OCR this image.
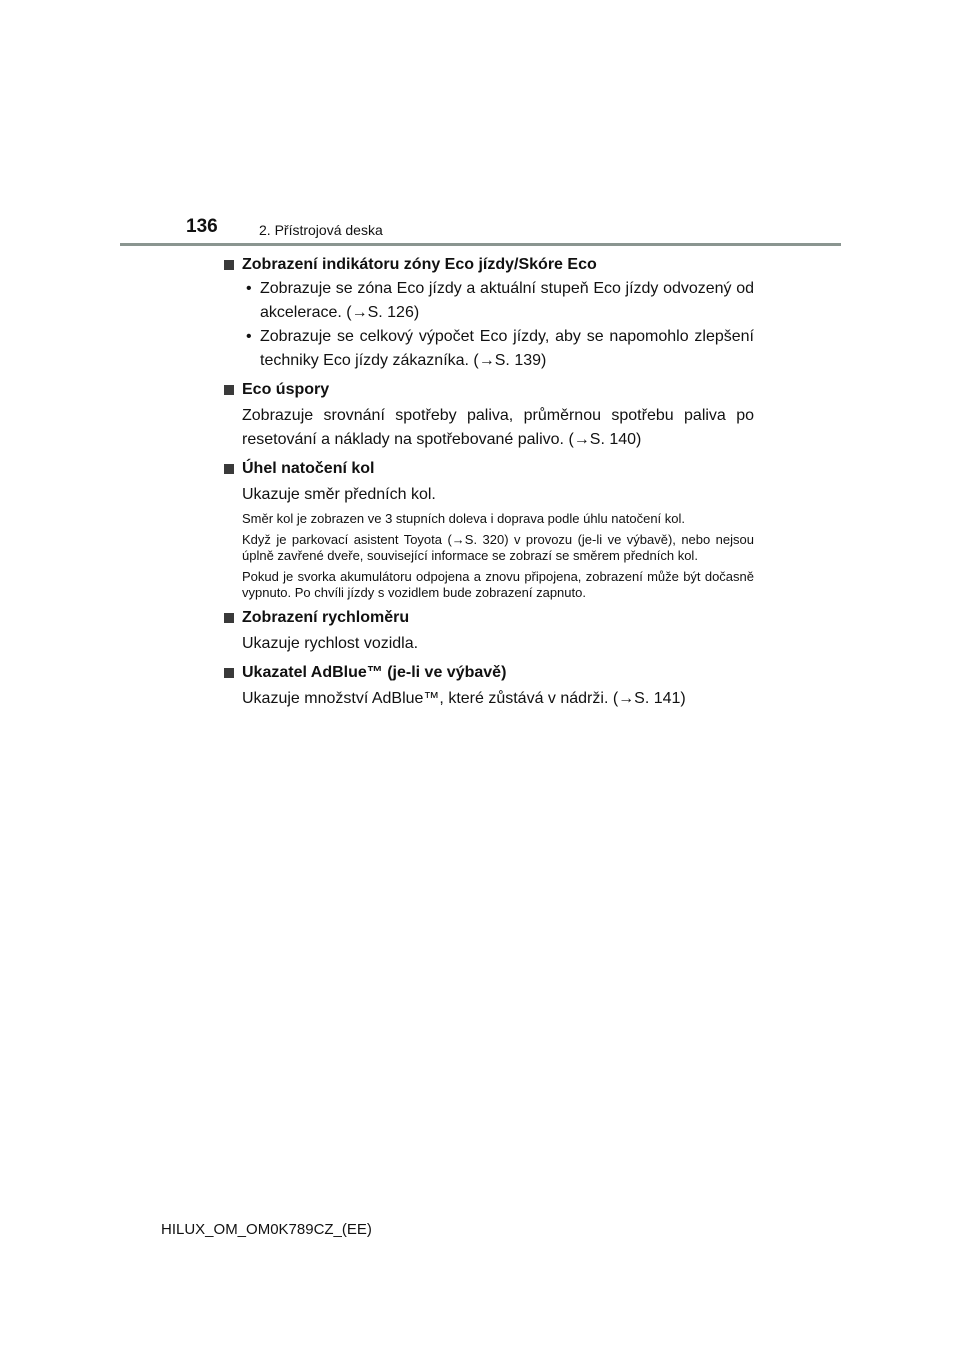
136	2. Přístrojová deska
Zobrazení indikátoru zóny Eco jízdy/Skóre Eco
• Zobrazuje se zóna Eco jízdy a aktuální stupeň Eco jízdy odvozený od akcelerace. (→S. 126)
• Zobrazuje se celkový výpočet Eco jízdy, aby se napomohlo zlepšení techniky Eco jízdy zákazníka. (→S. 139)
Eco úspory

Zobrazuje srovnání spotřeby paliva, průměrnou spotřebu paliva po resetování a náklady na spotřebované palivo. (→S. 140)

Úhel natočení kol

Ukazuje směr předních kol.

Směr kol je zobrazen ve 3 stupních doleva i doprava podle úhlu natočení kol.

Když je parkovací asistent Toyota (→S. 320) v provozu (je-li ve výbavě), nebo nejsou úplně zavřené dveře, související informace se zobrazí se směrem předních kol.

Pokud je svorka akumulátoru odpojena a znovu připojena, zobrazení může být dočasně vypnuto. Po chvíli jízdy s vozidlem bude zobrazení zapnuto.

Zobrazení rychloměru

Ukazuje rychlost vozidla.

Ukazatel AdBlue™ (je-li ve výbavě)

Ukazuje množství AdBlue™, které zůstává v nádrži. (→S. 141)

HILUX_OM_OM0K789CZ_(EE)
